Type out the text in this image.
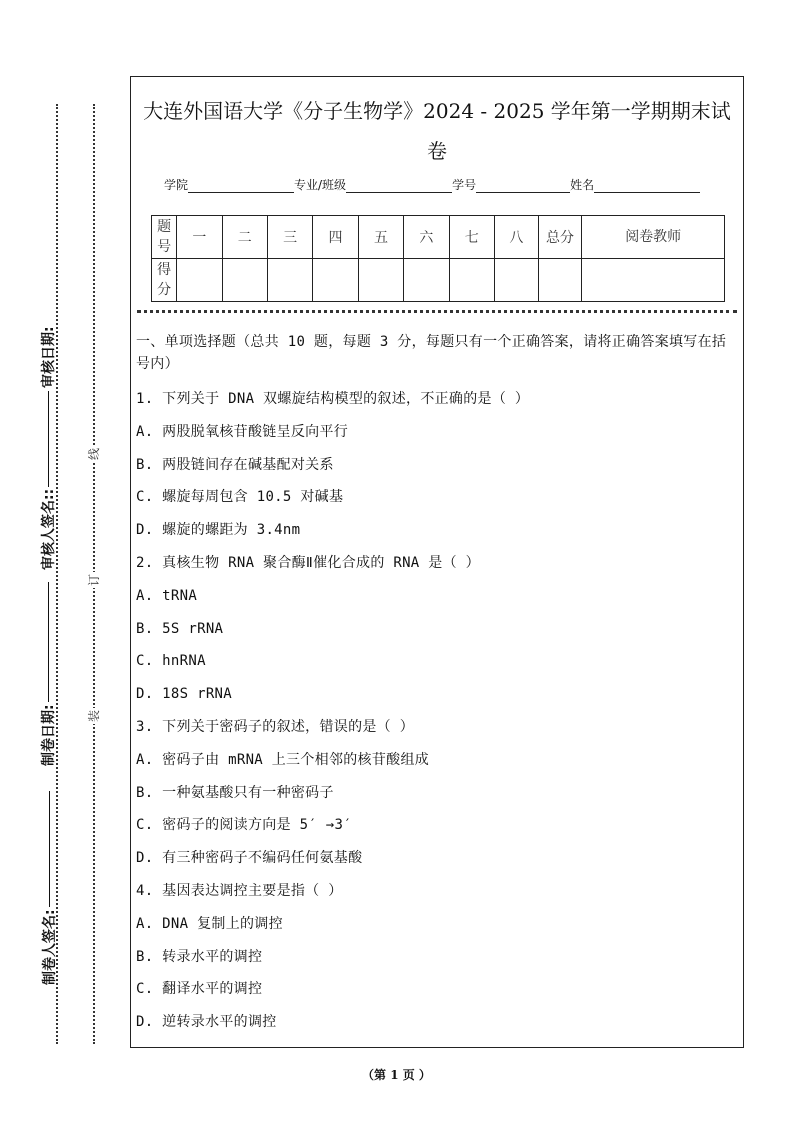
审核日期:
审核人签名::
制卷日期:
制卷人签名:
线
订
装
大连外国语大学《分子生物学》2024 - 2025 学年第一学期期末试卷
学院	专业/班级	学号	姓名
题号	一	二	三	四	五	六	七	八	总分	阅卷教师
得分										
一、单项选择题（总共 10 题，每题 3 分，每题只有一个正确答案，请将正确答案填写在括号内）
1. 下列关于 DNA 双螺旋结构模型的叙述，不正确的是（ ）
A. 两股脱氧核苷酸链呈反向平行
B. 两股链间存在碱基配对关系
C. 螺旋每周包含 10.5 对碱基
D. 螺旋的螺距为 3.4nm
2. 真核生物 RNA 聚合酶Ⅱ催化合成的 RNA 是（ ）
A. tRNA
B. 5S rRNA
C. hnRNA
D. 18S rRNA
3. 下列关于密码子的叙述，错误的是（ ）
A. 密码子由 mRNA 上三个相邻的核苷酸组成
B. 一种氨基酸只有一种密码子
C. 密码子的阅读方向是 5′ →3′
D. 有三种密码子不编码任何氨基酸
4. 基因表达调控主要是指（ ）
A. DNA 复制上的调控
B. 转录水平的调控
C. 翻译水平的调控
D. 逆转录水平的调控
（第 1 页 ）
